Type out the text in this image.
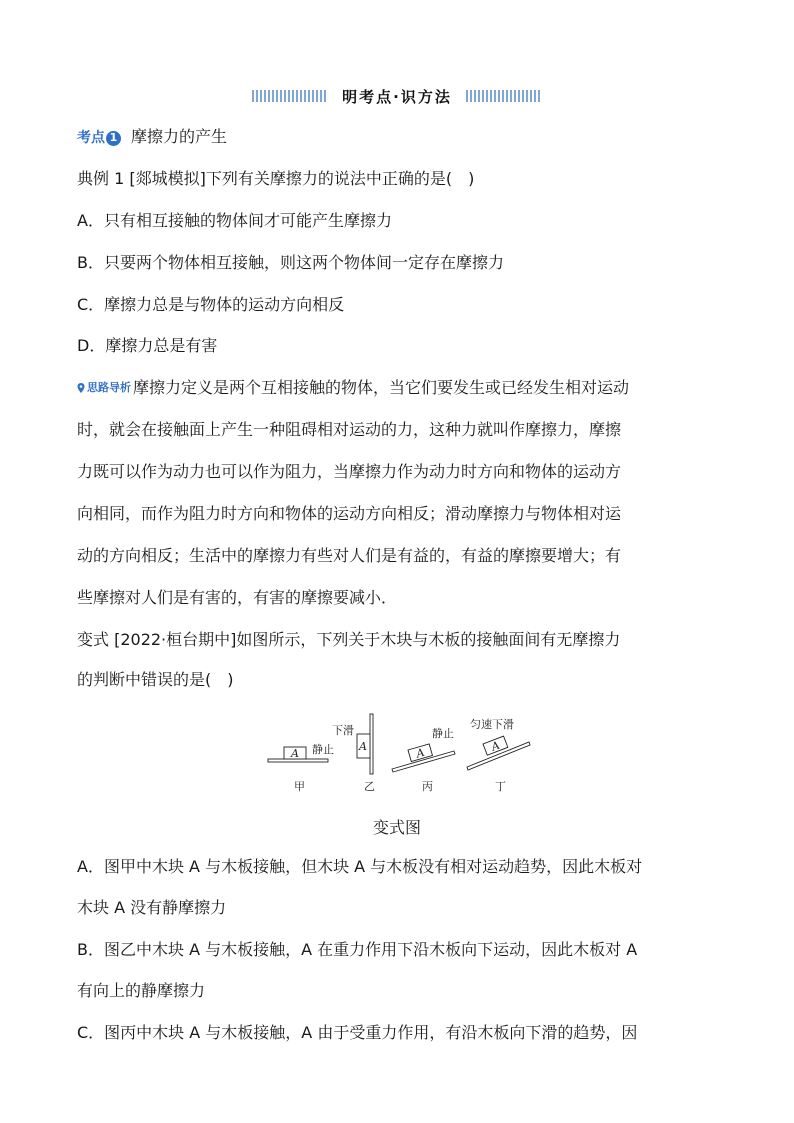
明考点·识方法
考点 1 摩擦力的产生
典例 1 [郯城模拟]下列有关摩擦力的说法中正确的是(　)
A．只有相互接触的物体间才可能产生摩擦力
B．只要两个物体相互接触，则这两个物体间一定存在摩擦力
C．摩擦力总是与物体的运动方向相反
D．摩擦力总是有害
思路导析 摩擦力定义是两个互相接触的物体，当它们要发生或已经发生相对运动
时，就会在接触面上产生一种阻碍相对运动的力，这种力就叫作摩擦力，摩擦
力既可以作为动力也可以作为阻力，当摩擦力作为动力时方向和物体的运动方
向相同，而作为阻力时方向和物体的运动方向相反；滑动摩擦力与物体相对运
动的方向相反；生活中的摩擦力有些对人们是有益的，有益的摩擦要增大；有
些摩擦对人们是有害的，有害的摩擦要减小．
变式 [2022·桓台期中]如图所示，下列关于木块与木板的接触面间有无摩擦力
的判断中错误的是(　)
A 静止
甲
A
下滑
乙
A
静止
丙
A
匀速下滑
丁
变式图
A．图甲中木块 A 与木板接触，但木块 A 与木板没有相对运动趋势，因此木板对
木块 A 没有静摩擦力
B．图乙中木块 A 与木板接触，A 在重力作用下沿木板向下运动，因此木板对 A
有向上的静摩擦力
C．图丙中木块 A 与木板接触，A 由于受重力作用，有沿木板向下滑的趋势，因
